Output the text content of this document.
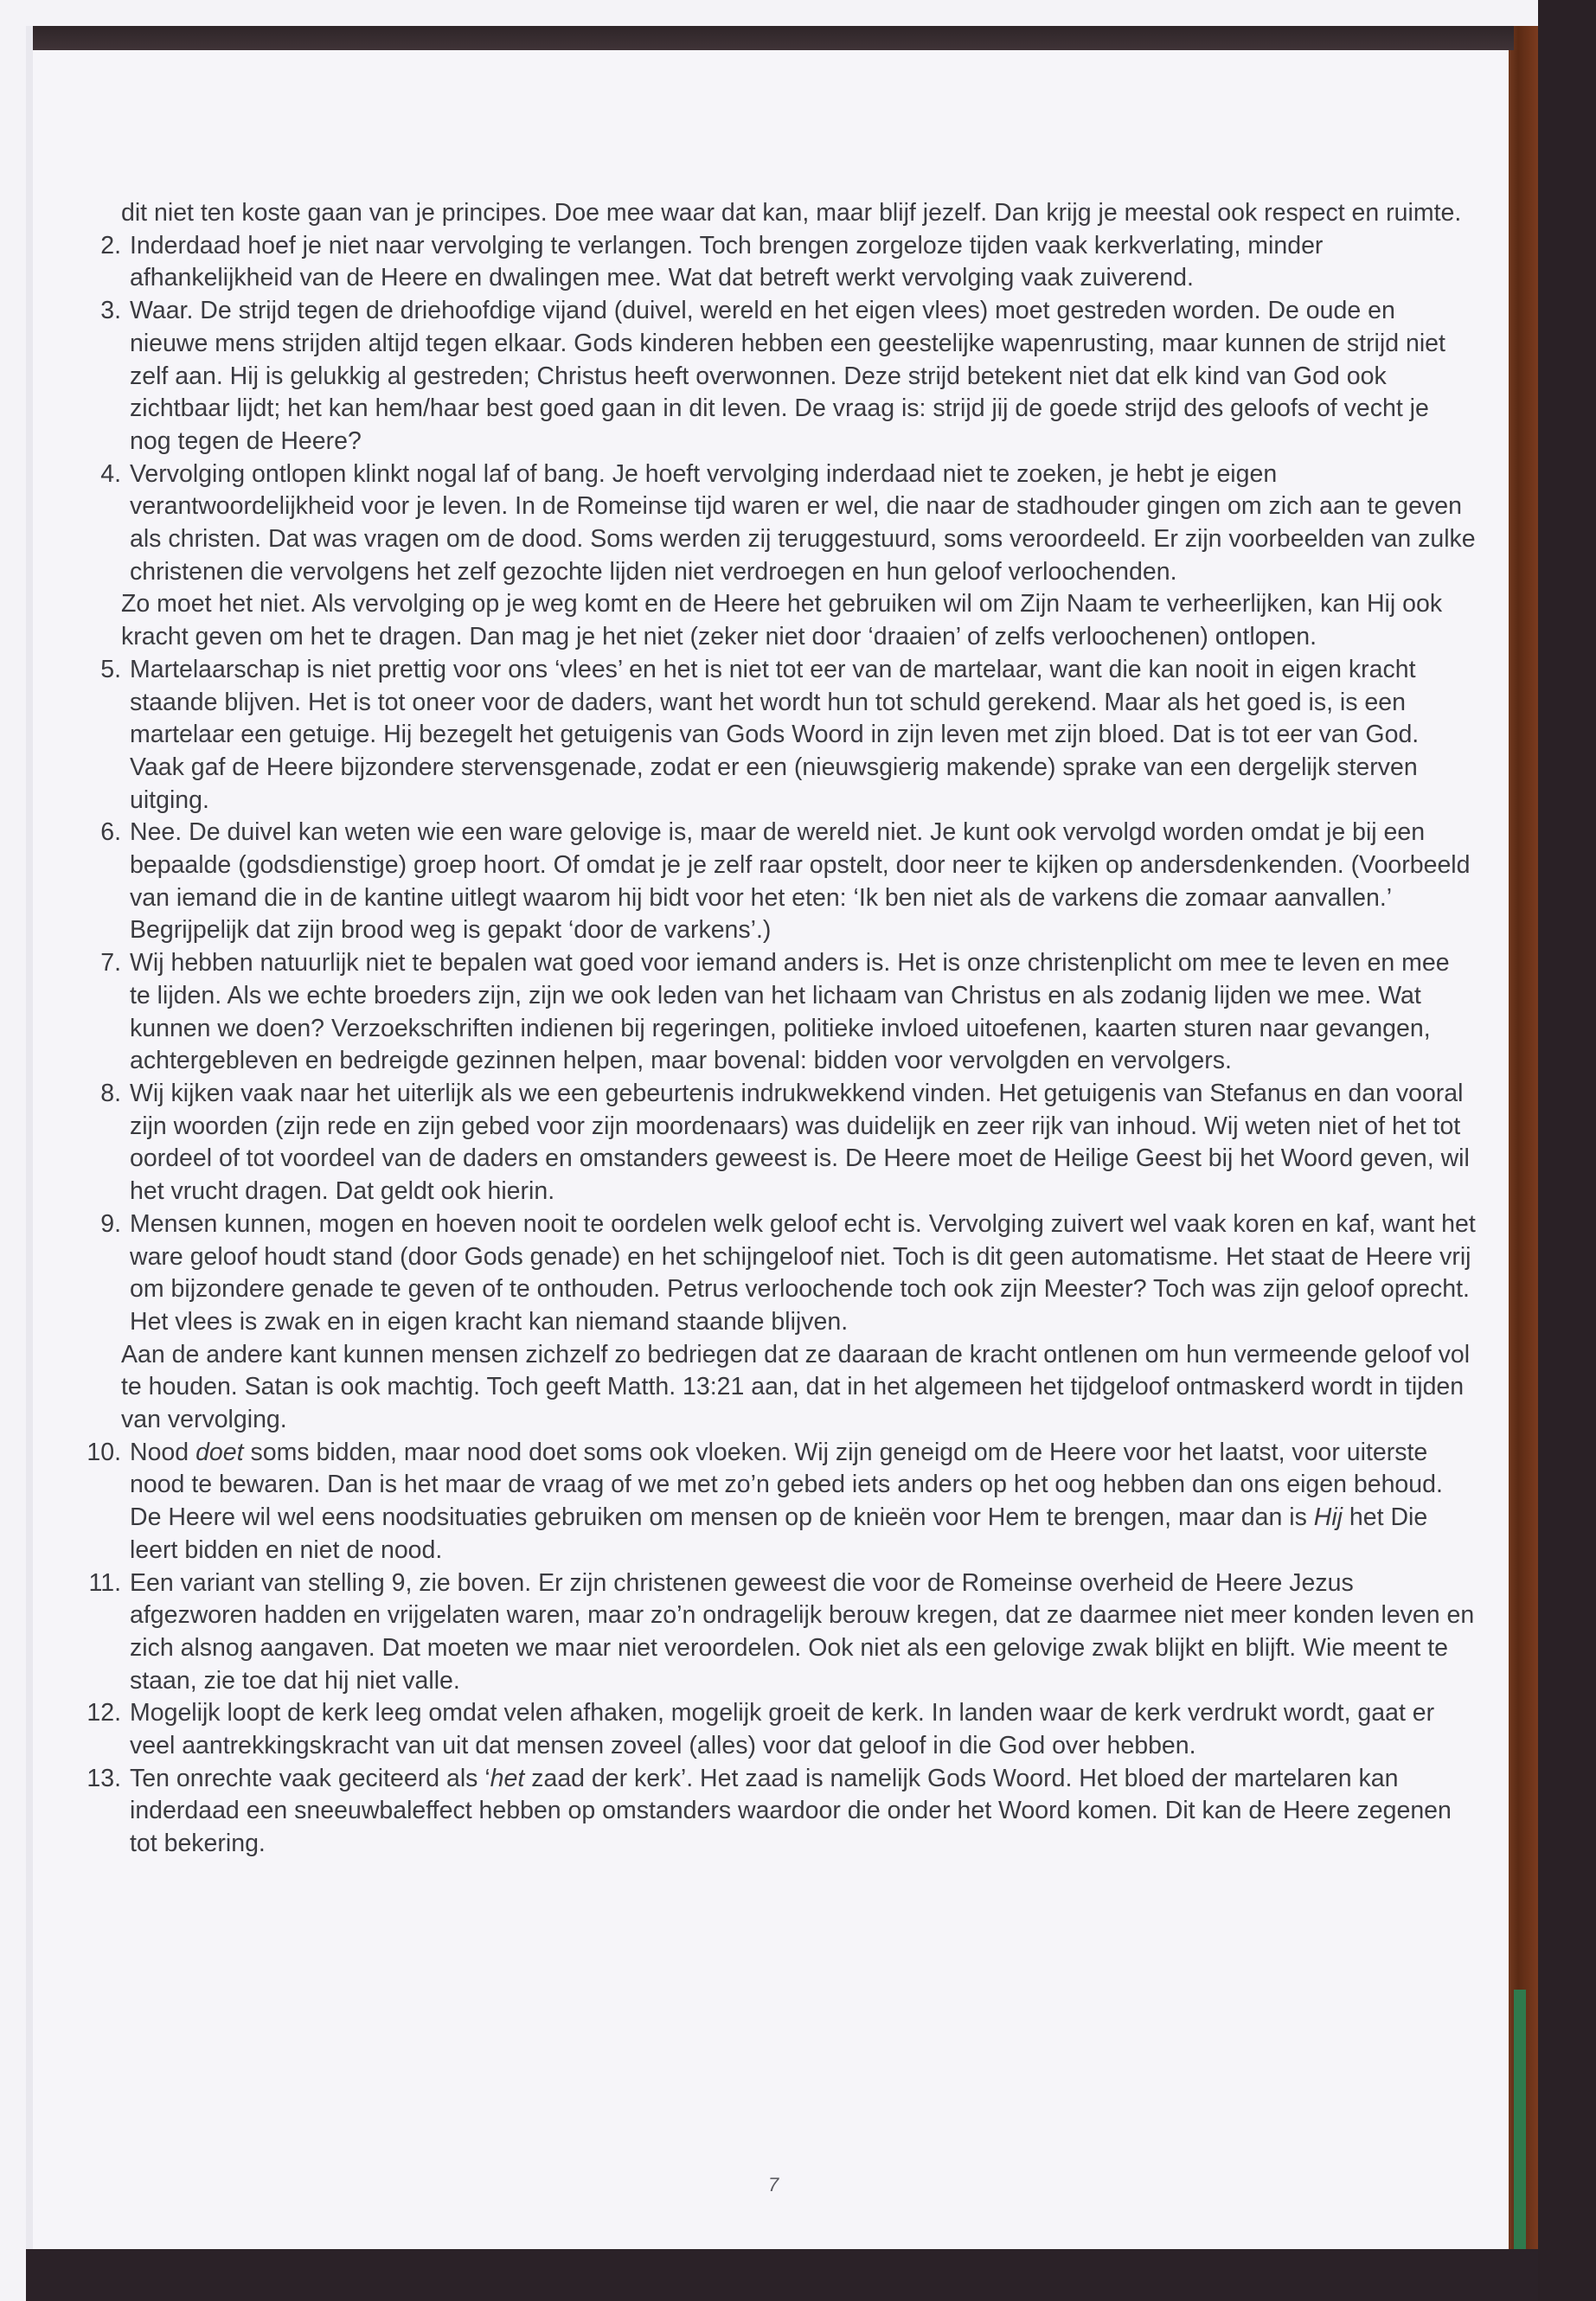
dit niet ten koste gaan van je principes. Doe mee waar dat kan, maar blijf jezelf. Dan krijg je meestal ook respect en ruimte.
2. Inderdaad hoef je niet naar vervolging te verlangen. Toch brengen zorgeloze tijden vaak kerkverlating, minder afhankelijkheid van de Heere en dwalingen mee. Wat dat betreft werkt vervolging vaak zuiverend.
3. Waar. De strijd tegen de driehoofdige vijand (duivel, wereld en het eigen vlees) moet gestreden worden. De oude en nieuwe mens strijden altijd tegen elkaar. Gods kinderen hebben een geestelijke wapenrusting, maar kunnen de strijd niet zelf aan. Hij is gelukkig al gestreden; Christus heeft overwonnen. Deze strijd betekent niet dat elk kind van God ook zichtbaar lijdt; het kan hem/haar best goed gaan in dit leven. De vraag is: strijd jij de goede strijd des geloofs of vecht je nog tegen de Heere?
4. Vervolging ontlopen klinkt nogal laf of bang. Je hoeft vervolging inderdaad niet te zoeken, je hebt je eigen verantwoordelijkheid voor je leven. In de Romeinse tijd waren er wel, die naar de stadhouder gingen om zich aan te geven als christen. Dat was vragen om de dood. Soms werden zij teruggestuurd, soms veroordeeld. Er zijn voorbeelden van zulke christenen die vervolgens het zelf gezochte lijden niet verdroegen en hun geloof verloochenden.
Zo moet het niet. Als vervolging op je weg komt en de Heere het gebruiken wil om Zijn Naam te verheerlijken, kan Hij ook kracht geven om het te dragen. Dan mag je het niet (zeker niet door ‘draaien’ of zelfs verloochenen) ontlopen.
5. Martelaarschap is niet prettig voor ons ‘vlees’ en het is niet tot eer van de martelaar, want die kan nooit in eigen kracht staande blijven. Het is tot oneer voor de daders, want het wordt hun tot schuld gerekend. Maar als het goed is, is een martelaar een getuige. Hij bezegelt het getuigenis van Gods Woord in zijn leven met zijn bloed. Dat is tot eer van God. Vaak gaf de Heere bijzondere stervensgenade, zodat er een (nieuwsgierig makende) sprake van een dergelijk sterven uitging.
6. Nee. De duivel kan weten wie een ware gelovige is, maar de wereld niet. Je kunt ook vervolgd worden omdat je bij een bepaalde (godsdienstige) groep hoort. Of omdat je je zelf raar opstelt, door neer te kijken op andersdenkenden. (Voorbeeld van iemand die in de kantine uitlegt waarom hij bidt voor het eten: ‘Ik ben niet als de varkens die zomaar aanvallen.’ Begrijpelijk dat zijn brood weg is gepakt ‘door de varkens’.)
7. Wij hebben natuurlijk niet te bepalen wat goed voor iemand anders is. Het is onze christenplicht om mee te leven en mee te lijden. Als we echte broeders zijn, zijn we ook leden van het lichaam van Christus en als zodanig lijden we mee. Wat kunnen we doen? Verzoekschriften indienen bij regeringen, politieke invloed uitoefenen, kaarten sturen naar gevangen, achtergebleven en bedreigde gezinnen helpen, maar bovenal: bidden voor vervolgden en vervolgers.
8. Wij kijken vaak naar het uiterlijk als we een gebeurtenis indrukwekkend vinden. Het getuigenis van Stefanus en dan vooral zijn woorden (zijn rede en zijn gebed voor zijn moordenaars) was duidelijk en zeer rijk van inhoud. Wij weten niet of het tot oordeel of tot voordeel van de daders en omstanders geweest is. De Heere moet de Heilige Geest bij het Woord geven, wil het vrucht dragen. Dat geldt ook hierin.
9. Mensen kunnen, mogen en hoeven nooit te oordelen welk geloof echt is. Vervolging zuivert wel vaak koren en kaf, want het ware geloof houdt stand (door Gods genade) en het schijngeloof niet. Toch is dit geen automatisme. Het staat de Heere vrij om bijzondere genade te geven of te onthouden. Petrus verloochende toch ook zijn Meester? Toch was zijn geloof oprecht. Het vlees is zwak en in eigen kracht kan niemand staande blijven.
Aan de andere kant kunnen mensen zichzelf zo bedriegen dat ze daaraan de kracht ontlenen om hun vermeende geloof vol te houden. Satan is ook machtig. Toch geeft Matth. 13:21 aan, dat in het algemeen het tijdgeloof ontmaskerd wordt in tijden van vervolging.
10. Nood doet soms bidden, maar nood doet soms ook vloeken. Wij zijn geneigd om de Heere voor het laatst, voor uiterste nood te bewaren. Dan is het maar de vraag of we met zo’n gebed iets anders op het oog hebben dan ons eigen behoud. De Heere wil wel eens noodsituaties gebruiken om mensen op de knieën voor Hem te brengen, maar dan is Hij het Die leert bidden en niet de nood.
11. Een variant van stelling 9, zie boven. Er zijn christenen geweest die voor de Romeinse overheid de Heere Jezus afgezworen hadden en vrijgelaten waren, maar zo’n ondragelijk berouw kregen, dat ze daarmee niet meer konden leven en zich alsnog aangaven. Dat moeten we maar niet veroordelen. Ook niet als een gelovige zwak blijkt en blijft. Wie meent te staan, zie toe dat hij niet valle.
12. Mogelijk loopt de kerk leeg omdat velen afhaken, mogelijk groeit de kerk. In landen waar de kerk verdrukt wordt, gaat er veel aantrekkingskracht van uit dat mensen zoveel (alles) voor dat geloof in die God over hebben.
13. Ten onrechte vaak geciteerd als ‘het zaad der kerk’. Het zaad is namelijk Gods Woord. Het bloed der martelaren kan inderdaad een sneeuwbaleffect hebben op omstanders waardoor die onder het Woord komen. Dit kan de Heere zegenen tot bekering.
7
